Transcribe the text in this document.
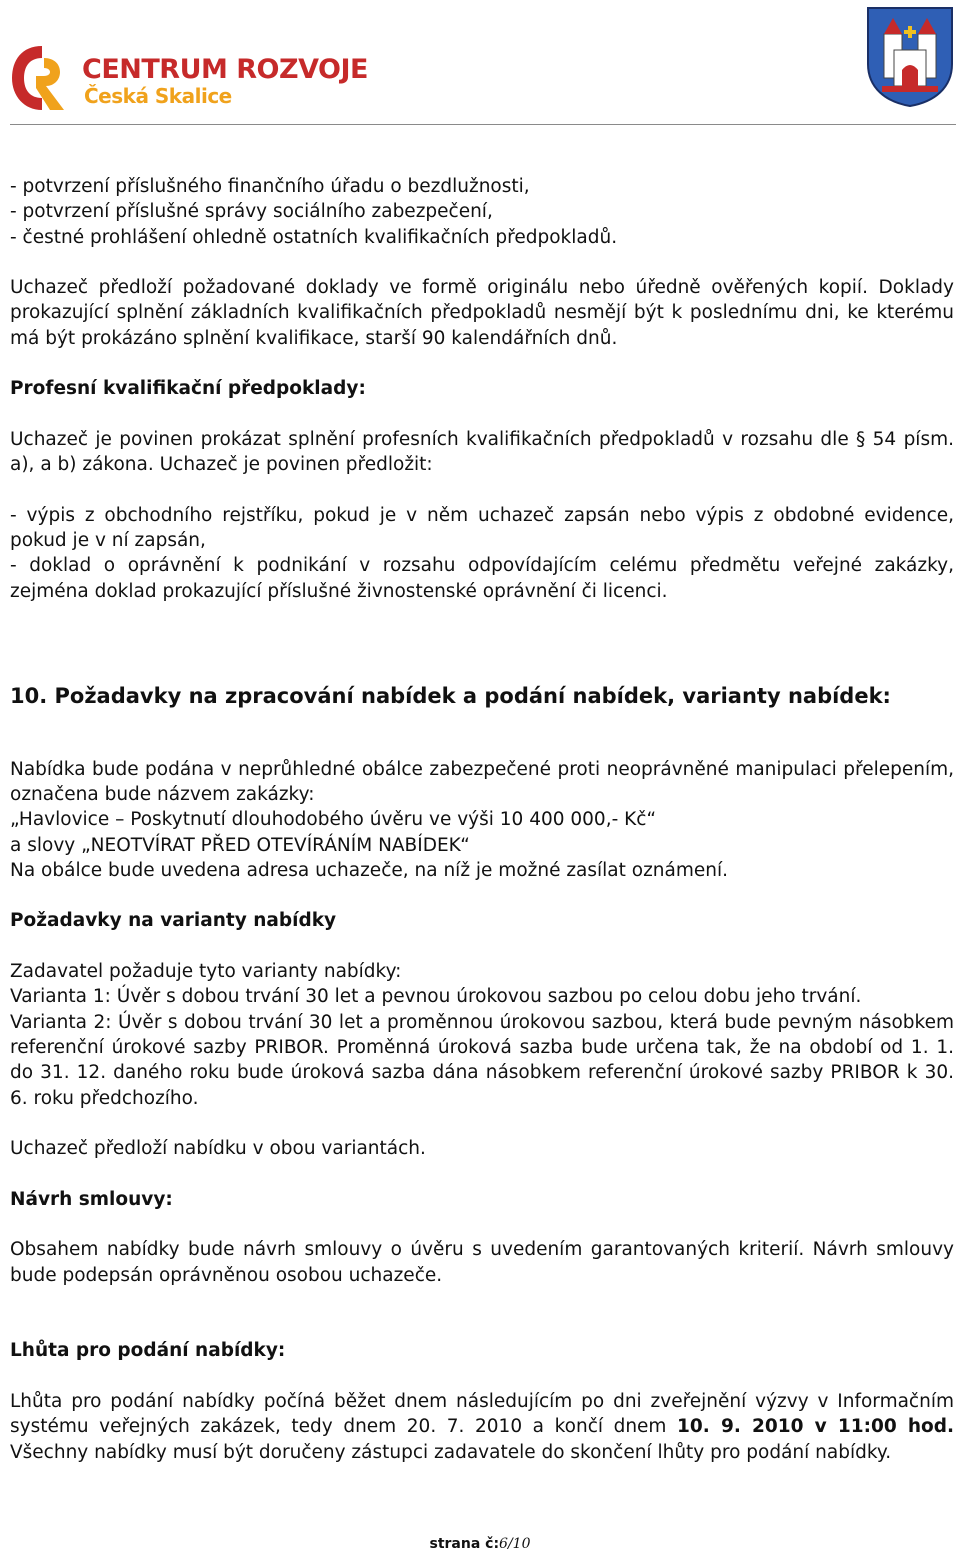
CENTRUM ROZVOJE
Česká Skalice

- potvrzení příslušného finančního úřadu o bezdlužnosti,

- potvrzení příslušné správy sociálního zabezpečení,

- čestné prohlášení ohledně ostatních kvalifikačních předpokladů.

Uchazeč předloží požadované doklady ve formě originálu nebo úředně ověřených kopií. Doklady prokazující splnění základních kvalifikačních předpokladů nesmějí být k poslednímu dni, ke kterému má být prokázáno splnění kvalifikace, starší 90 kalendářních dnů.

Profesní kvalifikační předpoklady:

Uchazeč je povinen prokázat splnění profesních kvalifikačních předpokladů v rozsahu dle § 54 písm. a), a b) zákona. Uchazeč je povinen předložit:

- výpis z obchodního rejstříku, pokud je v něm uchazeč zapsán nebo výpis z obdobné evidence, pokud je v ní zapsán,

- doklad o oprávnění k podnikání v rozsahu odpovídajícím celému předmětu veřejné zakázky, zejména doklad prokazující příslušné živnostenské oprávnění či licenci.

10. Požadavky na zpracování nabídek a podání nabídek, varianty nabídek:

Nabídka bude podána v neprůhledné obálce zabezpečené proti neoprávněné manipulaci přelepením, označena bude názvem zakázky:

„Havlovice – Poskytnutí dlouhodobého úvěru ve výši 10 400 000,- Kč“

a slovy „NEOTVÍRAT PŘED OTEVÍRÁNÍM NABÍDEK“

Na obálce bude uvedena adresa uchazeče, na níž je možné zasílat oznámení.

Požadavky na varianty nabídky

Zadavatel požaduje tyto varianty nabídky:

Varianta 1: Úvěr s dobou trvání 30 let a pevnou úrokovou sazbou po celou dobu jeho trvání.

Varianta 2: Úvěr s dobou trvání 30 let a proměnnou úrokovou sazbou, která bude pevným násobkem referenční úrokové sazby PRIBOR. Proměnná úroková sazba bude určena tak, že na období od 1. 1. do 31. 12. daného roku bude úroková sazba dána násobkem referenční úrokové sazby PRIBOR k 30. 6. roku předchozího.

Uchazeč předloží nabídku v obou variantách.

Návrh smlouvy:

Obsahem nabídky bude návrh smlouvy o úvěru s uvedením garantovaných kriterií. Návrh smlouvy bude podepsán oprávněnou osobou uchazeče.

Lhůta pro podání nabídky:

Lhůta pro podání nabídky počíná běžet dnem následujícím po dni zveřejnění výzvy v Informačním systému veřejných zakázek, tedy dnem 20. 7. 2010 a končí dnem 10. 9. 2010 v 11:00 hod. Všechny nabídky musí být doručeny zástupci zadavatele do skončení lhůty pro podání nabídky.

strana č:6/10
